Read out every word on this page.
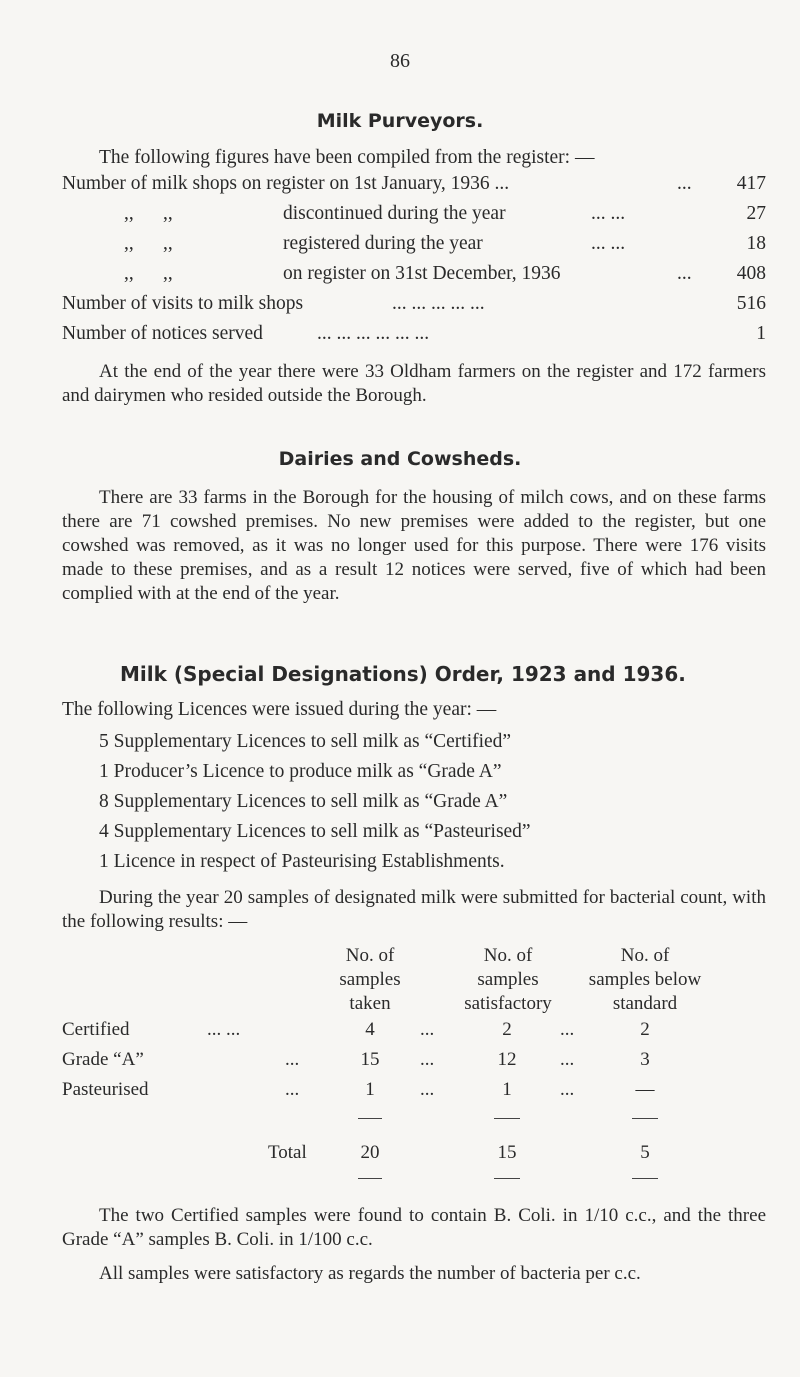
86
Milk Purveyors.
The following figures have been compiled from the register: —
Number of milk shops on register on 1st January, 1936 ...	... 417
,,      ,,	discontinued during the year	... ...	27
,,      ,,	registered during the year	... ...	18
,,      ,,	on register on 31st December, 1936	... 408
Number of visits to milk shops	... ... ... ... ...	516
Number of notices served	... ... ... ... ... ...	1
At the end of the year there were 33 Oldham farmers on the register and 172 farmers and dairymen who resided outside the Borough.
Dairies and Cowsheds.
There are 33 farms in the Borough for the housing of milch cows, and on these farms there are 71 cowshed premises. No new premises were added to the register, but one cowshed was removed, as it was no longer used for this purpose. There were 176 visits made to these premises, and as a result 12 notices were served, five of which had been complied with at the end of the year.
Milk (Special Designations) Order, 1923 and 1936.
The following Licences were issued during the year: —
5 Supplementary Licences to sell milk as “Certified”
1 Producer’s Licence to produce milk as “Grade A”
8 Supplementary Licences to sell milk as “Grade A”
4 Supplementary Licences to sell milk as “Pasteurised”
1 Licence in respect of Pasteurising Establishments.
During the year 20 samples of designated milk were submitted for bacterial count, with the following results: —
No. of
samples
taken
No. of
samples
satisfactory
No. of
samples below
standard
Certified	... ...	4	...	2	...	2
Grade “A”	...	15	...	12	...	3
Pasteurised	...	1	...	1	...	—
Total	20	15	5
The two Certified samples were found to contain B. Coli. in 1/10 c.c., and the three Grade “A” samples B. Coli. in 1/100 c.c.
All samples were satisfactory as regards the number of bacteria per c.c.
